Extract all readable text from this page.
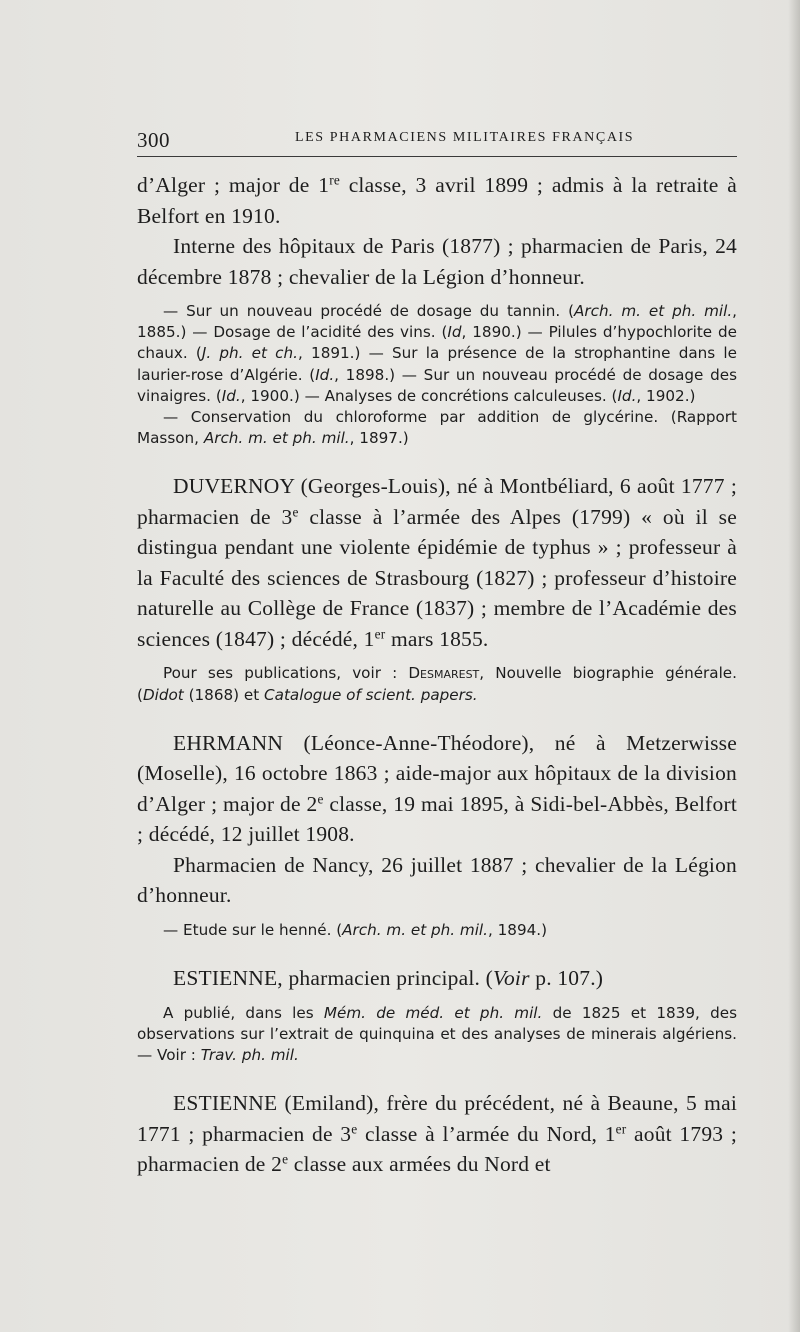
300	LES PHARMACIENS MILITAIRES FRANÇAIS

d’Alger ; major de 1re classe, 3 avril 1899 ; admis à la retraite à Belfort en 1910.

Interne des hôpitaux de Paris (1877) ; pharmacien de Paris, 24 décembre 1878 ; chevalier de la Légion d’honneur.

— Sur un nouveau procédé de dosage du tannin. (Arch. m. et ph. mil., 1885.) — Dosage de l’acidité des vins. (Id, 1890.) — Pilules d’hypochlorite de chaux. (J. ph. et ch., 1891.) — Sur la présence de la strophantine dans le laurier-rose d’Algérie. (Id., 1898.) — Sur un nouveau procédé de dosage des vinaigres. (Id., 1900.) — Analyses de concrétions calculeuses. (Id., 1902.)

— Conservation du chloroforme par addition de glycérine. (Rapport Masson, Arch. m. et ph. mil., 1897.)

DUVERNOY (Georges-Louis), né à Montbéliard, 6 août 1777 ; pharmacien de 3e classe à l’armée des Alpes (1799) « où il se distingua pendant une violente épidémie de typhus » ; professeur à la Faculté des sciences de Strasbourg (1827) ; professeur d’histoire naturelle au Collège de France (1837) ; membre de l’Académie des sciences (1847) ; décédé, 1er mars 1855.

Pour ses publications, voir : Desmarest, Nouvelle biographie générale. (Didot (1868) et Catalogue of scient. papers.

EHRMANN (Léonce-Anne-Théodore), né à Metzerwisse (Moselle), 16 octobre 1863 ; aide-major aux hôpitaux de la division d’Alger ; major de 2e classe, 19 mai 1895, à Sidi-bel-Abbès, Belfort ; décédé, 12 juillet 1908.

Pharmacien de Nancy, 26 juillet 1887 ; chevalier de la Légion d’honneur.

— Etude sur le henné. (Arch. m. et ph. mil., 1894.)

ESTIENNE, pharmacien principal. (Voir p. 107.)

A publié, dans les Mém. de méd. et ph. mil. de 1825 et 1839, des observations sur l’extrait de quinquina et des analyses de minerais algériens. — Voir : Trav. ph. mil.

ESTIENNE (Emiland), frère du précédent, né à Beaune, 5 mai 1771 ; pharmacien de 3e classe à l’armée du Nord, 1er août 1793 ; pharmacien de 2e classe aux armées du Nord et
